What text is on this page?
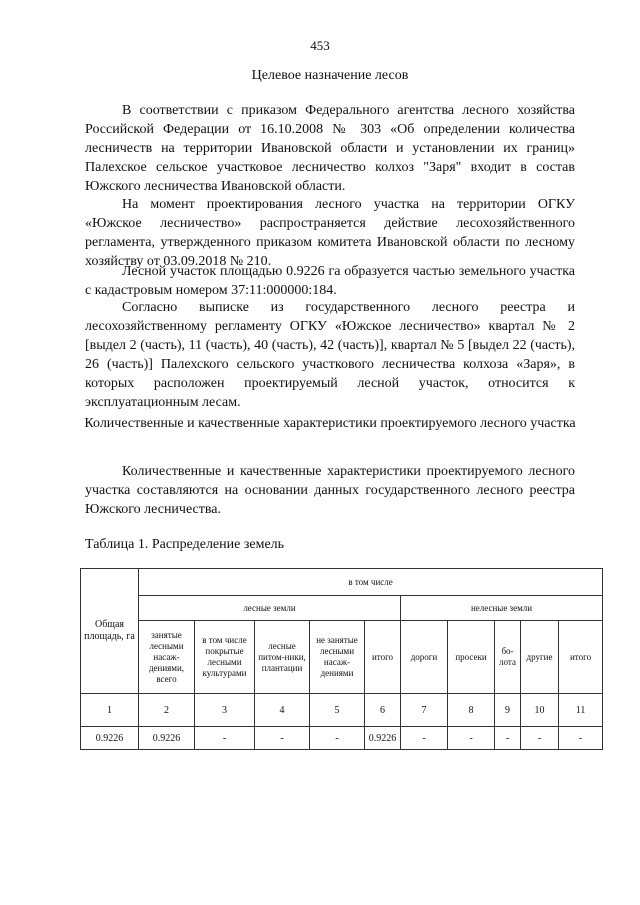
453
Целевое назначение лесов

В соответствии с приказом Федерального агентства лесного хозяйства Российской Федерации от 16.10.2008 № 303 «Об определении количества лесничеств на территории Ивановской области и установлении их границ» Палехское сельское участковое лесничество колхоз "Заря" входит в состав Южского лесничества Ивановской области.

На момент проектирования лесного участка на территории ОГКУ «Южское лесничество» распространяется действие лесохозяйственного регламента, утвержденного приказом комитета Ивановской области по лесному хозяйству от 03.09.2018 № 210.

Лесной участок площадью 0.9226 га образуется частью земельного участка с кадастровым номером 37:11:000000:184.

Согласно выписке из государственного лесного реестра и лесохозяйственному регламенту ОГКУ «Южское лесничество» квартал № 2 [выдел 2 (часть), 11 (часть), 40 (часть), 42 (часть)], квартал № 5 [выдел 22 (часть), 26 (часть)] Палехского сельского участкового лесничества колхоза «Заря», в которых расположен проектируемый лесной участок, относится к эксплуатационным лесам.

Количественные и качественные характеристики проектируемого лесного участка

Количественные и качественные характеристики проектируемого лесного участка составляются на основании данных государственного лесного реестра Южского лесничества.

Таблица 1. Распределение земель
Общая площадь, га	в том числе									
	лесные земли					нелесные земли				
	занятые лесными насаж-дениями, всего	в том числе покрытые лесными культурами	лесные питом-ники, плантации	не занятые лесными насаж-дениями	итого	дороги	просеки	бо-лота	другие	итого
1	2	3	4	5	6	7	8	9	10	11
0.9226	0.9226	-	-	-	0.9226	-	-	-	-	-
